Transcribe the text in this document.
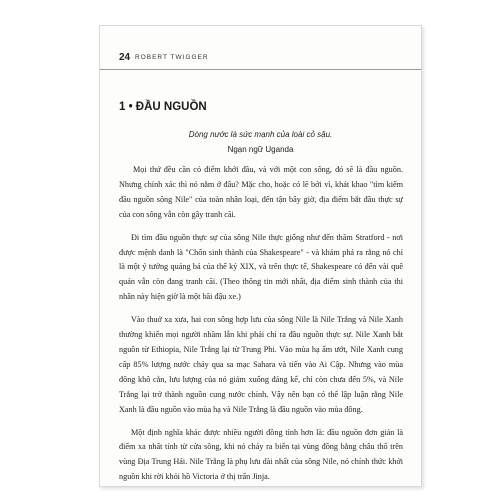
24 ROBERT TWIGGER
1 • ĐẦU NGUỒN
Dòng nước là sức mạnh của loài cỏ sậu.
Ngạn ngữ Uganda

Mọi thứ đều cần có điểm khởi đầu, và với một con sông, đó sẽ là đầu nguồn. Nhưng chính xác thì nó nằm ở đâu? Mặc cho, hoặc có lẽ bởi vì, khát khao "tìm kiếm đầu nguồn sông Nile" của toàn nhân loại, đến tận bây giờ, địa điểm bắt đầu thực sự của con sông vẫn còn gây tranh cãi.

Đi tìm đầu nguồn thực sự của sông Nile thực giống như đến thăm Stratford - nơi được mệnh danh là "Chốn sinh thành của Shakespeare" - và khám phá ra rằng nó chỉ là một ý tưởng quảng bá của thế kỷ XIX, và trên thực tế, Shakespeare có đến vài quê quán vẫn còn đang tranh cãi. (Theo thông tin mới nhất, địa điểm sinh thành của thi nhân này hiện giờ là một bãi đậu xe.)

Vào thuở xa xưa, hai con sông hợp lưu của sông Nile là Nile Trắng và Nile Xanh thường khiến mọi người nhầm lẫn khi phải chỉ ra đầu nguồn thực sự. Nile Xanh bắt nguồn từ Ethiopia, Nile Trắng lại từ Trung Phi. Vào mùa hạ ẩm ướt, Nile Xanh cung cấp 85% lượng nước chảy qua sa mạc Sahara và tiến vào Ai Cập. Nhưng vào mùa đông khô cằn, lưu lượng của nó giảm xuống đáng kể, chỉ còn chưa đến 5%, và Nile Trắng lại trở thành nguồn cung nước chính. Vậy nên bạn có thể lập luận rằng Nile Xanh là đầu nguồn vào mùa hạ và Nile Trắng là đầu nguồn vào mùa đông.

Một định nghĩa khác được nhiều người đồng tình hơn là: đầu nguồn đơn giản là điểm xa nhất tính từ cửa sông, khi nó chảy ra biển tại vùng đồng bằng châu thổ trên vùng Địa Trung Hải. Nile Trắng là phụ lưu dài nhất của sông Nile, nó chính thức khởi nguồn khi rời khỏi hồ Victoria ở thị trấn Jinja.
